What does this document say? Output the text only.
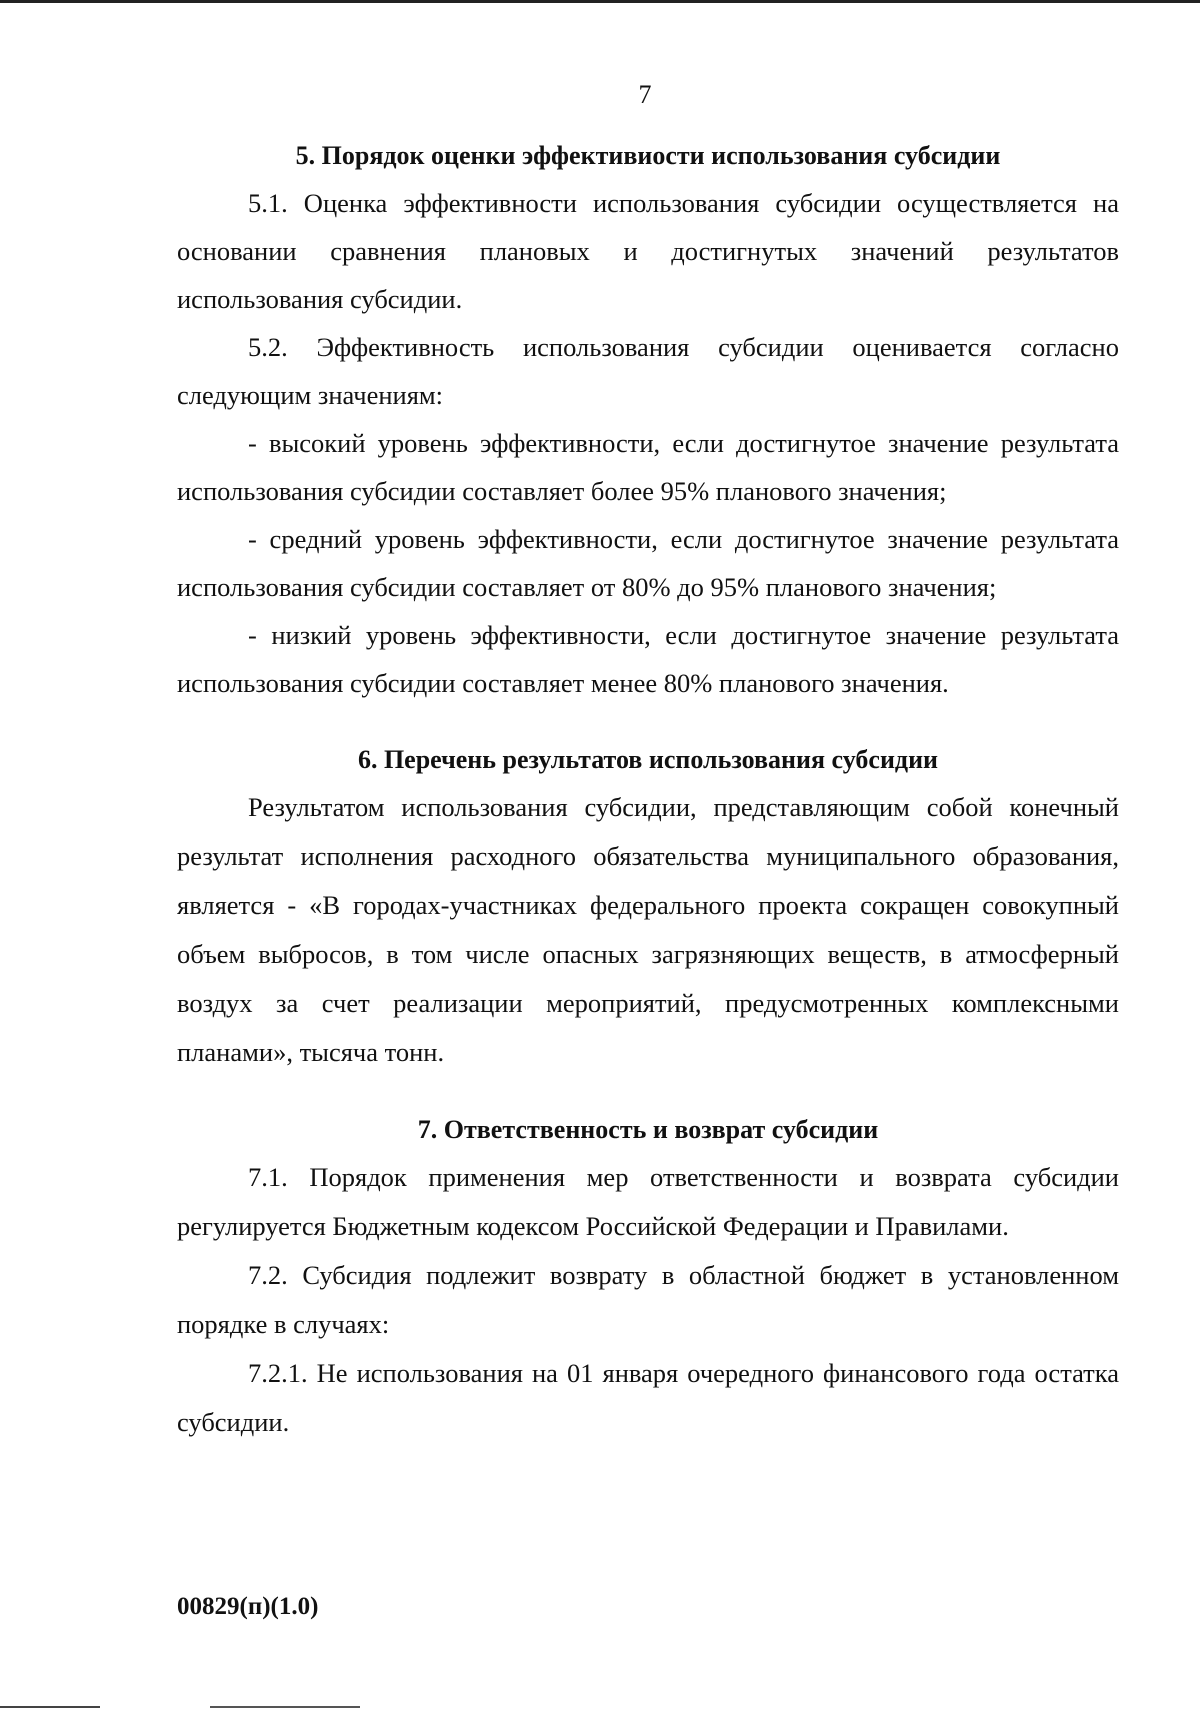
7
5. Порядок оценки эффективиости использования субсидии

5.1. Оценка эффективности использования субсидии осуществляется на основании сравнения плановых и достигнутых значений результатов использования субсидии.

5.2. Эффективность использования субсидии оценивается согласно следующим значениям:

- высокий уровень эффективности, если достигнутое значение результата использования субсидии составляет более 95% планового значения;

- средний уровень эффективности, если достигнутое значение результата использования субсидии составляет от 80% до 95% планового значения;

- низкий уровень эффективности, если достигнутое значение результата использования субсидии составляет менее 80% планового значения.

6. Перечень результатов использования субсидии

Результатом использования субсидии, представляющим собой конечный результат исполнения расходного обязательства муниципального образования, является - «В городах-участниках федерального проекта сокращен совокупный объем выбросов, в том числе опасных загрязняющих веществ, в атмосферный воздух за счет реализации мероприятий, предусмотренных комплексными планами», тысяча тонн.

7. Ответственность и возврат субсидии

7.1. Порядок применения мер ответственности и возврата субсидии регулируется Бюджетным кодексом Российской Федерации и Правилами.

7.2. Субсидия подлежит возврату в областной бюджет в установленном порядке в случаях:

7.2.1. Не использования на 01 января очередного финансового года остатка субсидии.

00829(п)(1.0)
